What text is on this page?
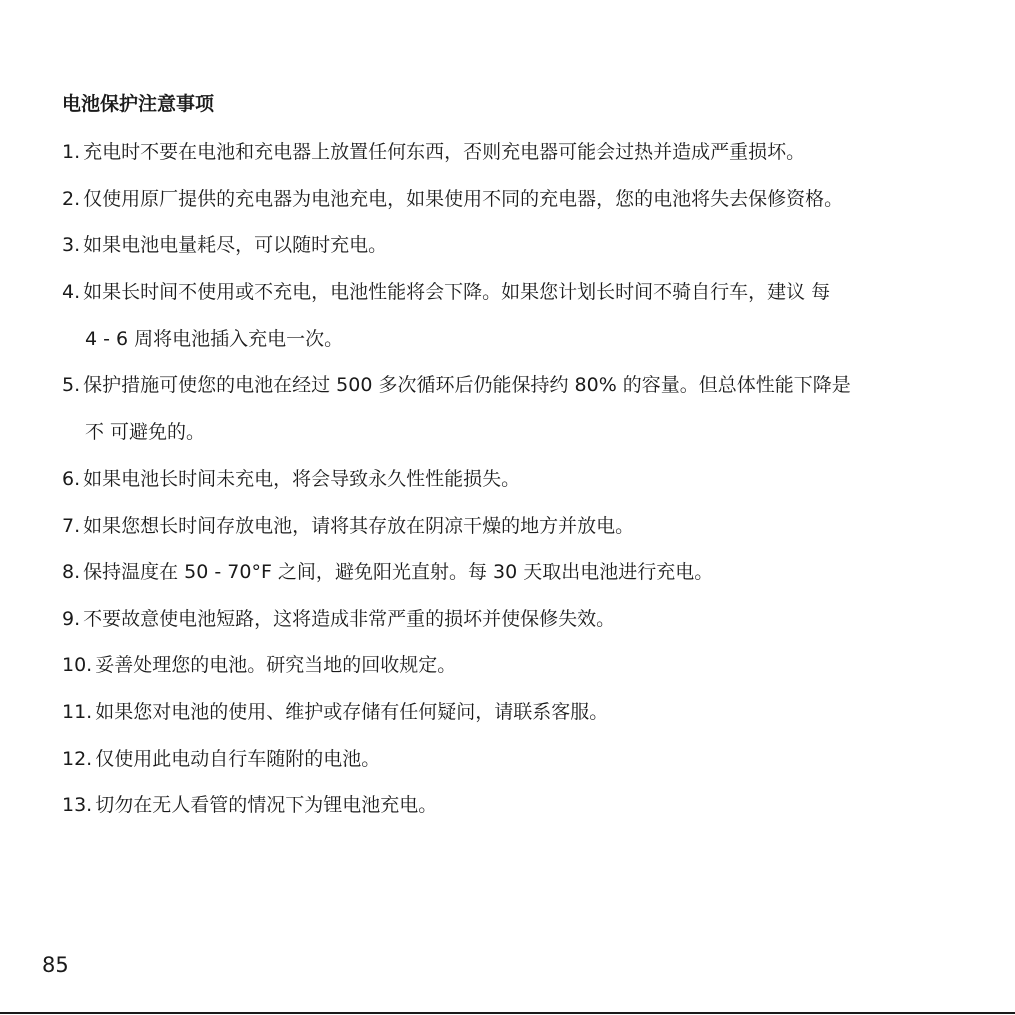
电池保护注意事项
1. 充电时不要在电池和充电器上放置任何东西，否则充电器可能会过热并造成严重损坏。
2. 仅使用原厂提供的充电器为电池充电，如果使用不同的充电器，您的电池将失去保修资格。
3. 如果电池电量耗尽，可以随时充电。
4. 如果长时间不使用或不充电，电池性能将会下降。如果您计划长时间不骑自行车，建议 每
4 - 6 周将电池插入充电一次。
5. 保护措施可使您的电池在经过 500 多次循环后仍能保持约 80% 的容量。但总体性能下降是
不 可避免的。
6. 如果电池长时间未充电，将会导致永久性性能损失。
7. 如果您想长时间存放电池，请将其存放在阴凉干燥的地方并放电。
8. 保持温度在 50 - 70°F 之间，避免阳光直射。每 30 天取出电池进行充电。
9. 不要故意使电池短路，这将造成非常严重的损坏并使保修失效。
10. 妥善处理您的电池。研究当地的回收规定。
11. 如果您对电池的使用、维护或存储有任何疑问，请联系客服。
12. 仅使用此电动自行车随附的电池。
13. 切勿在无人看管的情况下为锂电池充电。
85
